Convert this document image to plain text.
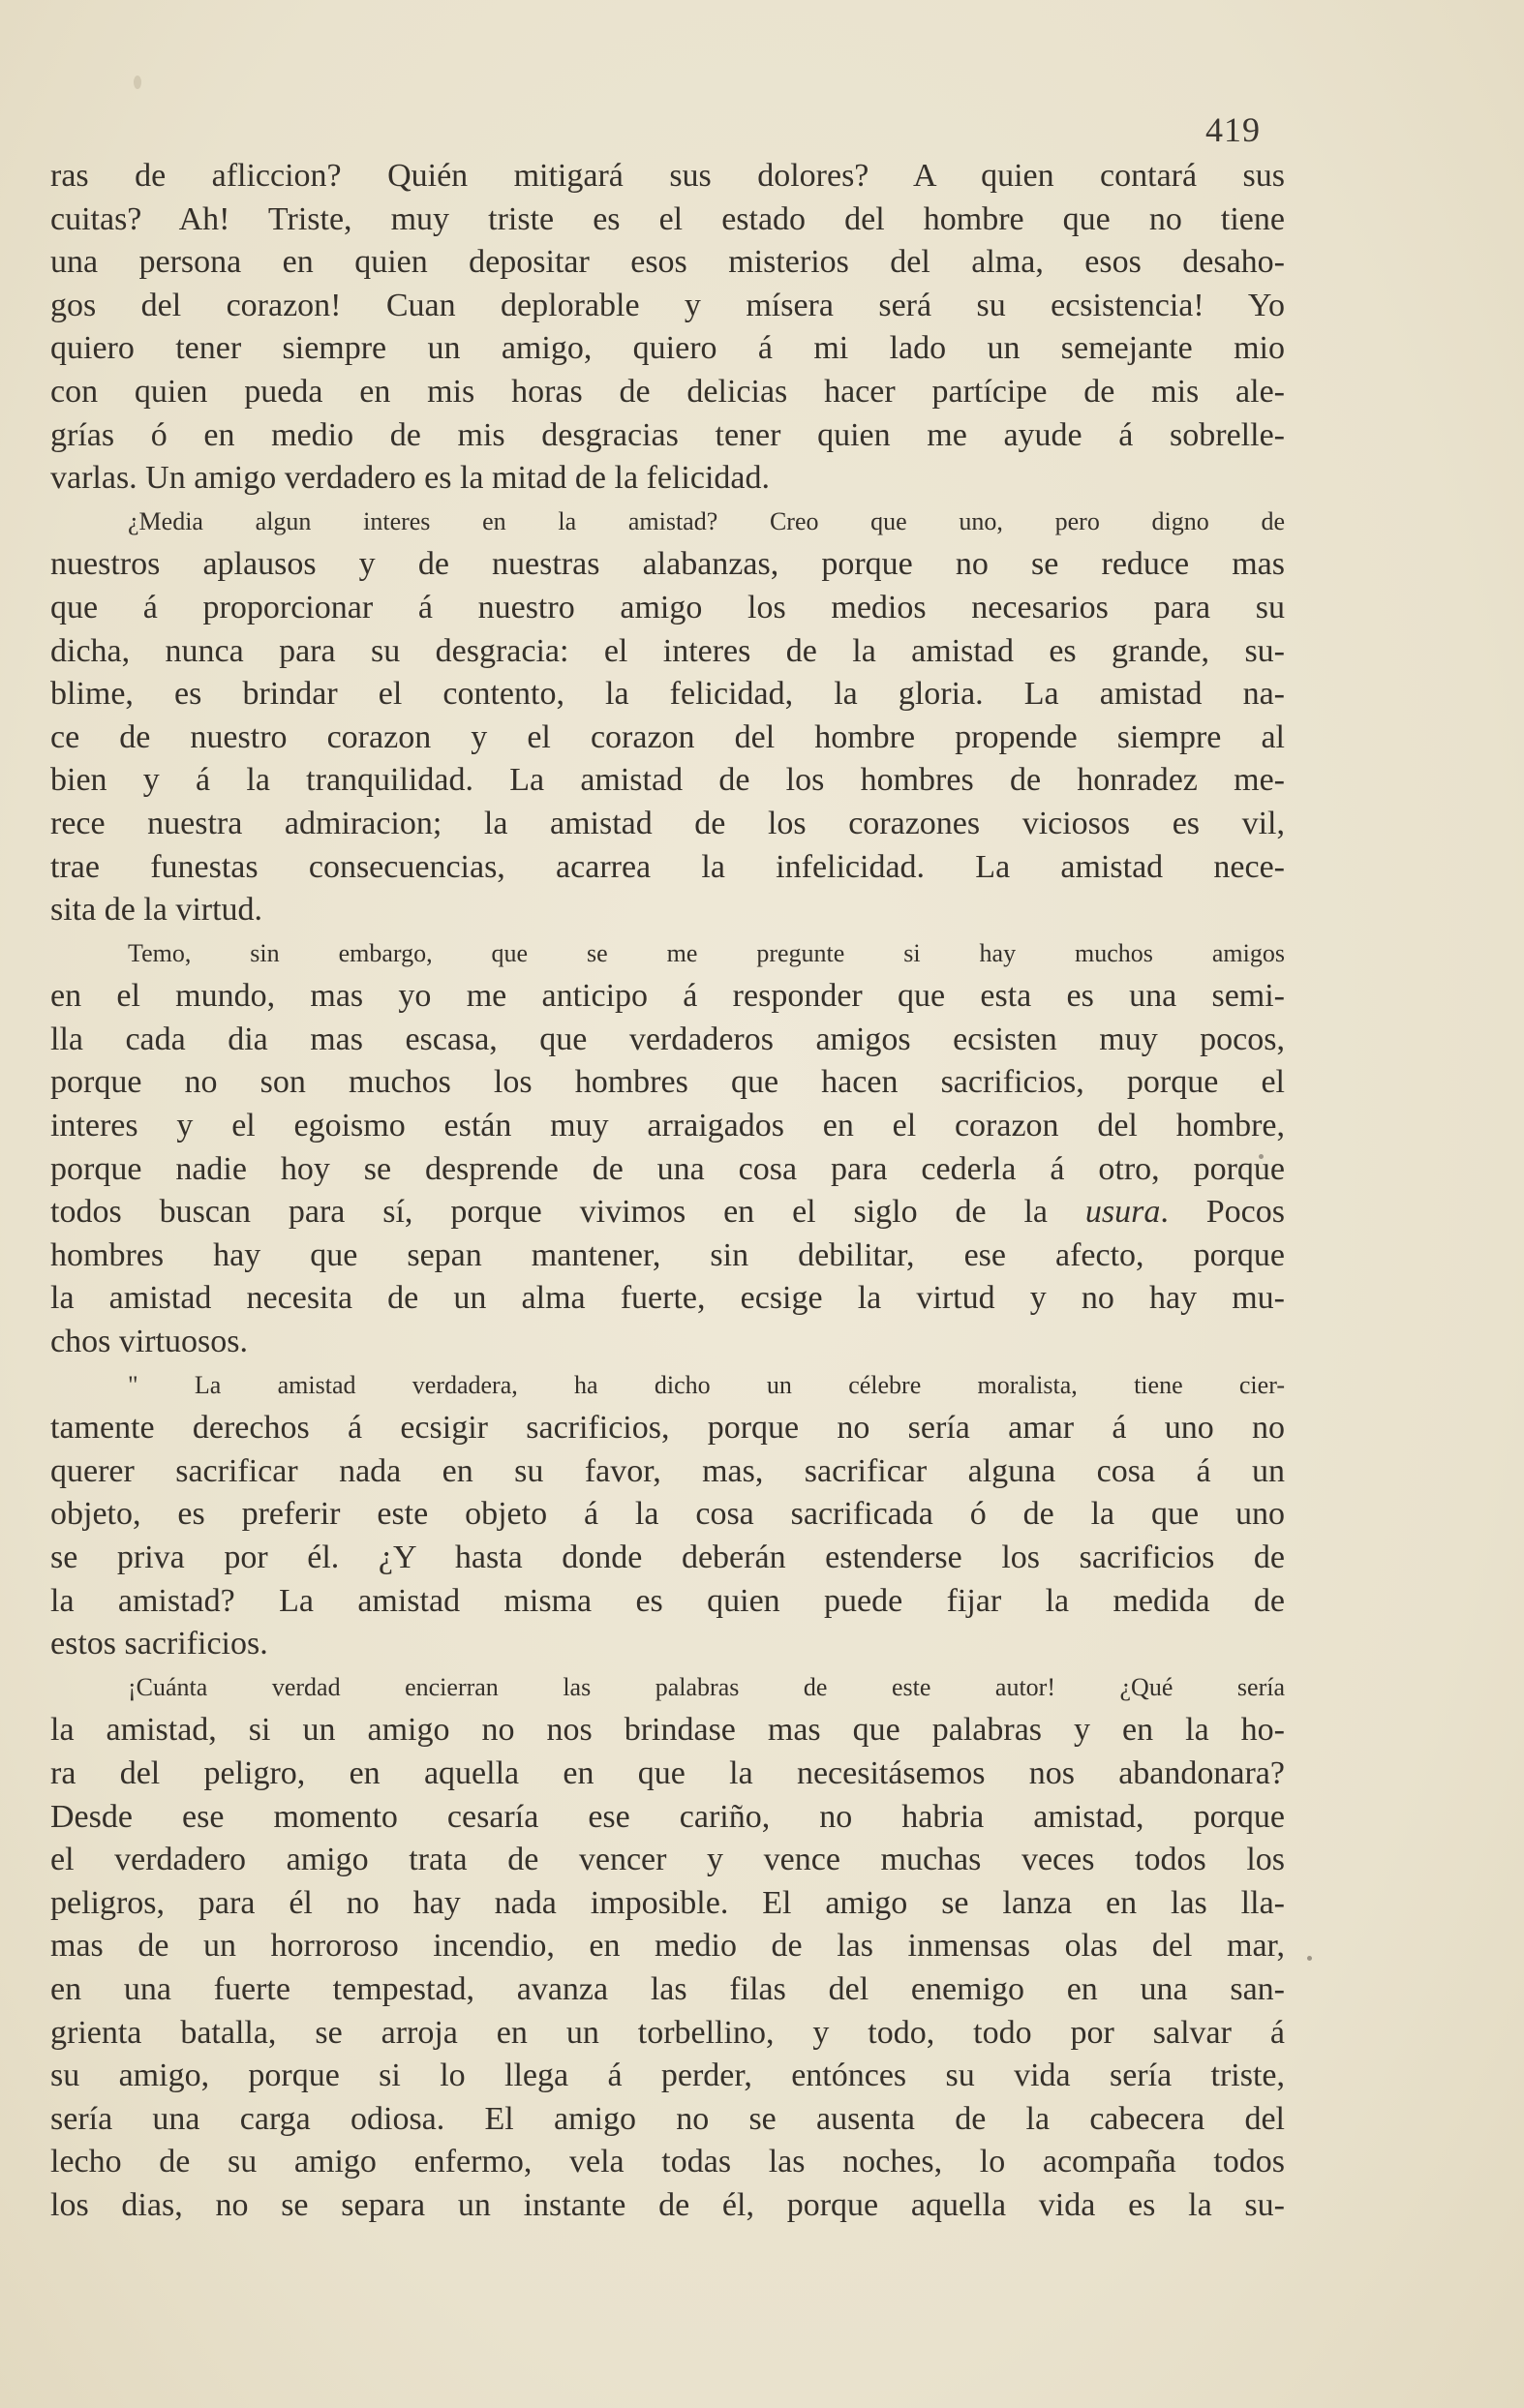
419
ras de afliccion? Quién mitigará sus dolores? A quien contará sus
cuitas? Ah! Triste, muy triste es el estado del hombre que no tiene
una persona en quien depositar esos misterios del alma, esos desaho-
gos del corazon! Cuan deplorable y mísera será su ecsistencia! Yo
quiero tener siempre un amigo, quiero á mi lado un semejante mio
con quien pueda en mis horas de delicias hacer partícipe de mis ale-
grías ó en medio de mis desgracias tener quien me ayude á sobrelle-
varlas. Un amigo verdadero es la mitad de la felicidad.
¿Media algun interes en la amistad? Creo que uno, pero digno de
nuestros aplausos y de nuestras alabanzas, porque no se reduce mas
que á proporcionar á nuestro amigo los medios necesarios para su
dicha, nunca para su desgracia: el interes de la amistad es grande, su-
blime, es brindar el contento, la felicidad, la gloria. La amistad na-
ce de nuestro corazon y el corazon del hombre propende siempre al
bien y á la tranquilidad. La amistad de los hombres de honradez me-
rece nuestra admiracion; la amistad de los corazones viciosos es vil,
trae funestas consecuencias, acarrea la infelicidad. La amistad nece-
sita de la virtud.
Temo, sin embargo, que se me pregunte si hay muchos amigos
en el mundo, mas yo me anticipo á responder que esta es una semi-
lla cada dia mas escasa, que verdaderos amigos ecsisten muy pocos,
porque no son muchos los hombres que hacen sacrificios, porque el
interes y el egoismo están muy arraigados en el corazon del hombre,
porque nadie hoy se desprende de una cosa para cederla á otro, porque
todos buscan para sí, porque vivimos en el siglo de la usura. Pocos
hombres hay que sepan mantener, sin debilitar, ese afecto, porque
la amistad necesita de un alma fuerte, ecsige la virtud y no hay mu-
chos virtuosos.
" La amistad verdadera, ha dicho un célebre moralista, tiene cier-
tamente derechos á ecsigir sacrificios, porque no sería amar á uno no
querer sacrificar nada en su favor, mas, sacrificar alguna cosa á un
objeto, es preferir este objeto á la cosa sacrificada ó de la que uno
se priva por él. ¿Y hasta donde deberán estenderse los sacrificios de
la amistad? La amistad misma es quien puede fijar la medida de
estos sacrificios.
¡Cuánta verdad encierran las palabras de este autor! ¿Qué sería
la amistad, si un amigo no nos brindase mas que palabras y en la ho-
ra del peligro, en aquella en que la necesitásemos nos abandonara?
Desde ese momento cesaría ese cariño, no habria amistad, porque
el verdadero amigo trata de vencer y vence muchas veces todos los
peligros, para él no hay nada imposible. El amigo se lanza en las lla-
mas de un horroroso incendio, en medio de las inmensas olas del mar,
en una fuerte tempestad, avanza las filas del enemigo en una san-
grienta batalla, se arroja en un torbellino, y todo, todo por salvar á
su amigo, porque si lo llega á perder, entónces su vida sería triste,
sería una carga odiosa. El amigo no se ausenta de la cabecera del
lecho de su amigo enfermo, vela todas las noches, lo acompaña todos
los dias, no se separa un instante de él, porque aquella vida es la su-
